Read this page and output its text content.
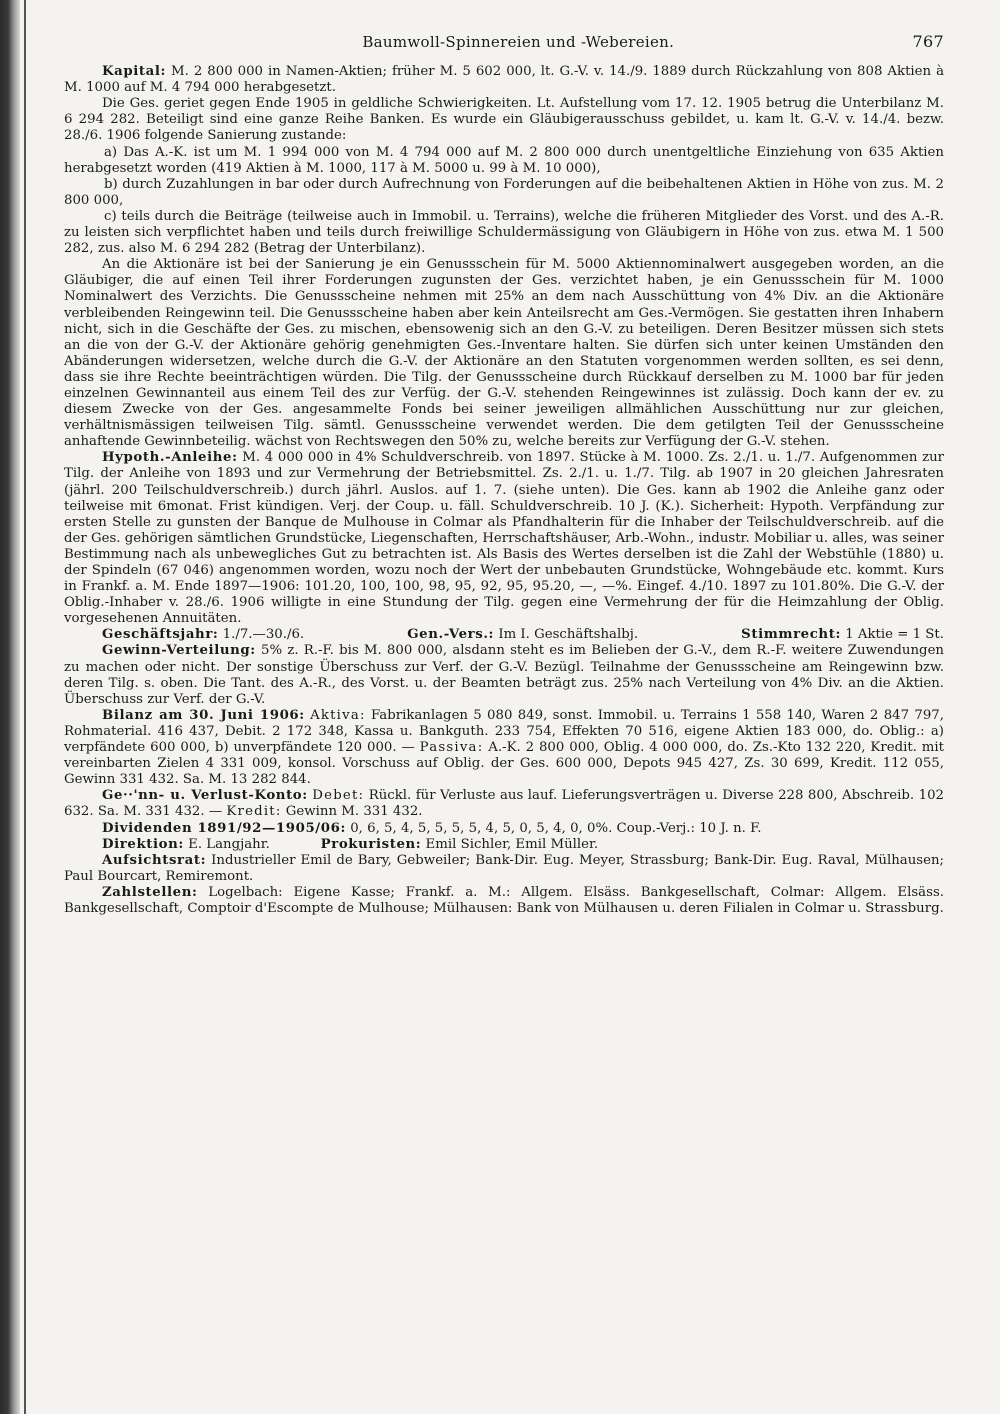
Baumwoll-Spinnereien und -Webereien.	767

Kapital: M. 2 800 000 in Namen-Aktien; früher M. 5 602 000, lt. G.-V. v. 14./9. 1889 durch Rückzahlung von 808 Aktien à M. 1000 auf M. 4 794 000 herabgesetzt.

Die Ges. geriet gegen Ende 1905 in geldliche Schwierigkeiten. Lt. Aufstellung vom 17. 12. 1905 betrug die Unterbilanz M. 6 294 282. Beteiligt sind eine ganze Reihe Banken. Es wurde ein Gläubigerausschuss gebildet, u. kam lt. G.-V. v. 14./4. bezw. 28./6. 1906 folgende Sanierung zustande:

a) Das A.-K. ist um M. 1 994 000 von M. 4 794 000 auf M. 2 800 000 durch unentgeltliche Einziehung von 635 Aktien herabgesetzt worden (419 Aktien à M. 1000, 117 à M. 5000 u. 99 à M. 10 000),

b) durch Zuzahlungen in bar oder durch Aufrechnung von Forderungen auf die beibehaltenen Aktien in Höhe von zus. M. 2 800 000,

c) teils durch die Beiträge (teilweise auch in Immobil. u. Terrains), welche die früheren Mitglieder des Vorst. und des A.-R. zu leisten sich verpflichtet haben und teils durch freiwillige Schuldermässigung von Gläubigern in Höhe von zus. etwa M. 1 500 282, zus. also M. 6 294 282 (Betrag der Unterbilanz).

An die Aktionäre ist bei der Sanierung je ein Genussschein für M. 5000 Aktiennominalwert ausgegeben worden, an die Gläubiger, die auf einen Teil ihrer Forderungen zugunsten der Ges. verzichtet haben, je ein Genussschein für M. 1000 Nominalwert des Verzichts. Die Genussscheine nehmen mit 25% an dem nach Ausschüttung von 4% Div. an die Aktionäre verbleibenden Reingewinn teil. Die Genussscheine haben aber kein Anteilsrecht am Ges.-Vermögen. Sie gestatten ihren Inhabern nicht, sich in die Geschäfte der Ges. zu mischen, ebensowenig sich an den G.-V. zu beteiligen. Deren Besitzer müssen sich stets an die von der G.-V. der Aktionäre gehörig genehmigten Ges.-Inventare halten. Sie dürfen sich unter keinen Umständen den Abänderungen widersetzen, welche durch die G.-V. der Aktionäre an den Statuten vorgenommen werden sollten, es sei denn, dass sie ihre Rechte beeinträchtigen würden. Die Tilg. der Genussscheine durch Rückkauf derselben zu M. 1000 bar für jeden einzelnen Gewinnanteil aus einem Teil des zur Verfüg. der G.-V. stehenden Reingewinnes ist zulässig. Doch kann der ev. zu diesem Zwecke von der Ges. angesammelte Fonds bei seiner jeweiligen allmählichen Ausschüttung nur zur gleichen, verhältnismässigen teilweisen Tilg. sämtl. Genussscheine verwendet werden. Die dem getilgten Teil der Genussscheine anhaftende Gewinnbeteilig. wächst von Rechtswegen den 50% zu, welche bereits zur Verfügung der G.-V. stehen.

Hypoth.-Anleihe: M. 4 000 000 in 4% Schuldverschreib. von 1897. Stücke à M. 1000. Zs. 2./1. u. 1./7. Aufgenommen zur Tilg. der Anleihe von 1893 und zur Vermehrung der Betriebsmittel. Zs. 2./1. u. 1./7. Tilg. ab 1907 in 20 gleichen Jahresraten (jährl. 200 Teilschuldverschreib.) durch jährl. Auslos. auf 1. 7. (siehe unten). Die Ges. kann ab 1902 die Anleihe ganz oder teilweise mit 6monat. Frist kündigen. Verj. der Coup. u. fäll. Schuldverschreib. 10 J. (K.). Sicherheit: Hypoth. Verpfändung zur ersten Stelle zu gunsten der Banque de Mulhouse in Colmar als Pfandhalterin für die Inhaber der Teilschuldverschreib. auf die der Ges. gehörigen sämtlichen Grundstücke, Liegenschaften, Herrschaftshäuser, Arb.-Wohn., industr. Mobiliar u. alles, was seiner Bestimmung nach als unbewegliches Gut zu betrachten ist. Als Basis des Wertes derselben ist die Zahl der Webstühle (1880) u. der Spindeln (67 046) angenommen worden, wozu noch der Wert der unbebauten Grundstücke, Wohngebäude etc. kommt. Kurs in Frankf. a. M. Ende 1897—1906: 101.20, 100, 100, 98, 95, 92, 95, 95.20, —, —%. Eingef. 4./10. 1897 zu 101.80%. Die G.-V. der Oblig.-Inhaber v. 28./6. 1906 willigte in eine Stundung der Tilg. gegen eine Vermehrung der für die Heimzahlung der Oblig. vorgesehenen Annuitäten.

Geschäftsjahr: 1./7.—30./6.	Gen.-Vers.: Im I. Geschäftshalbj.	Stimmrecht: 1 Aktie = 1 St.

Gewinn-Verteilung: 5% z. R.-F. bis M. 800 000, alsdann steht es im Belieben der G.-V., dem R.-F. weitere Zuwendungen zu machen oder nicht. Der sonstige Überschuss zur Verf. der G.-V. Bezügl. Teilnahme der Genussscheine am Reingewinn bzw. deren Tilg. s. oben. Die Tant. des A.-R., des Vorst. u. der Beamten beträgt zus. 25% nach Verteilung von 4% Div. an die Aktien. Überschuss zur Verf. der G.-V.

Bilanz am 30. Juni 1906: Aktiva: Fabrikanlagen 5 080 849, sonst. Immobil. u. Terrains 1 558 140, Waren 2 847 797, Rohmaterial. 416 437, Debit. 2 172 348, Kassa u. Bankguth. 233 754, Effekten 70 516, eigene Aktien 183 000, do. Oblig.: a) verpfändete 600 000, b) unverpfändete 120 000. — Passiva: A.-K. 2 800 000, Oblig. 4 000 000, do. Zs.-Kto 132 220, Kredit. mit vereinbarten Zielen 4 331 009, konsol. Vorschuss auf Oblig. der Ges. 600 000, Depots 945 427, Zs. 30 699, Kredit. 112 055, Gewinn 331 432. Sa. M. 13 282 844.

Ge··'nn- u. Verlust-Konto: Debet: Rückl. für Verluste aus lauf. Lieferungsverträgen u. Diverse 228 800, Abschreib. 102 632. Sa. M. 331 432. — Kredit: Gewinn M. 331 432.

Dividenden 1891/92—1905/06: 0, 6, 5, 4, 5, 5, 5, 5, 4, 5, 0, 5, 4, 0, 0%. Coup.-Verj.: 10 J. n. F.

Direktion: E. Langjahr.	Prokuristen: Emil Sichler, Emil Müller.

Aufsichtsrat: Industrieller Emil de Bary, Gebweiler; Bank-Dir. Eug. Meyer, Strassburg; Bank-Dir. Eug. Raval, Mülhausen; Paul Bourcart, Remiremont.

Zahlstellen: Logelbach: Eigene Kasse; Frankf. a. M.: Allgem. Elsäss. Bankgesellschaft, Colmar: Allgem. Elsäss. Bankgesellschaft, Comptoir d'Escompte de Mulhouse; Mülhausen: Bank von Mülhausen u. deren Filialen in Colmar u. Strassburg.
